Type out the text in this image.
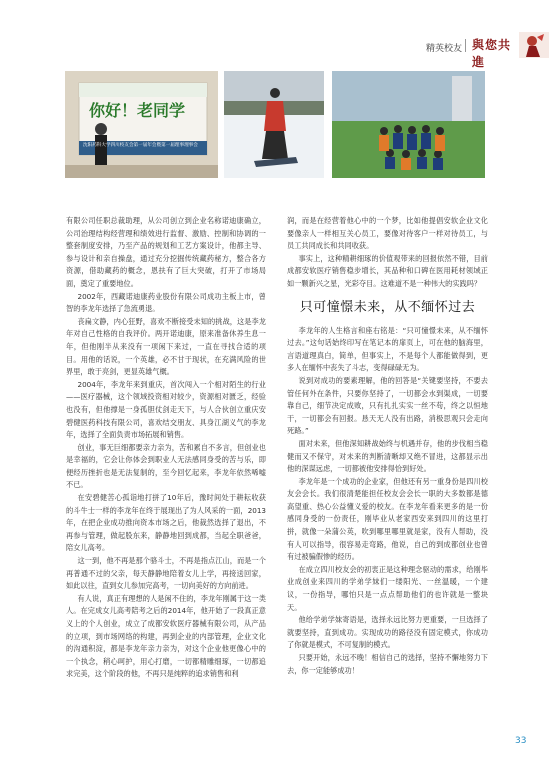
精英校友 與您共進
你好！老同学
沈阳药科大学四川校友会第一届年会暨第一届理事理事会

有限公司任职总裁助理，从公司创立到企业名称诺迪康确立，公司治理结构经营理和绩效进行监督、激励、控制和协调的一整套制度安排，乃至产品的规划和工艺方案设计，他都主导、参与设计和亲自操盘，通过充分挖掘传统藏药秘方，整合各方资源，借助藏药的概念，恩扶有了巨大突破，打开了市场局面，奠定了重要地位。

2002年，西藏诺迪康药业股份有限公司成功主板上市，曾智的李龙年选择了急流勇退。

丧扁文静，内心狂野，喜欢不断接受未知的挑战，这是李龙年对自己性格的自我评价。两开诺迪康，原来准备休养生息一年，但他刚半从来没有一项闲下来过，一直在寻找合适的项目。用他的话说，一个英雄，必不甘于现状，在充满风险的世界里，敢于亮剑，更显英雄气概。

2004年，李龙年来到重庆，首次闯入一个相对陌生的行业——医疗器械，这个领域投资相对较少，资源相对匮乏，经验也没有，但他撑是一身孤胆仗剑走天下，与人合伙创立重庆安碧健医药科技有限公司，喜欢结交朋友、具身江湖义气的李龙年，选择了全面负责市场拓展和销售。

创业，事无巨细都要亲力亲为，苦和累自不多言，但创业也是幸福的，它会让你体会到职业人无法感同身受的苦与乐，即便经历挫折也是无法复制的，至今回忆起来，李龙年依然唏嘘不已。

在安碧健苦心孤诣地打拼了10年后，豫时间处于耕耘收获的斗牛士一样的李龙年在终于展现出了为人风采的一面，2013年，在把企业成功推向资本市场之后，他裁然选择了退出，不再参与管理，做起股东来，静静地回到成都，当起全职爸爸，陪女儿高考。

这一到，他不再是那个骆斗士，不再是指点江山，而是一个再普通不过的父亲，每天静静地陪着女儿上学，再接送回家，如此以往，直到女儿参加完高考，一切向美好的方向前进。

有人说，真正有理想的人是闲不住的，李龙年刚属于这一类人。在完成女儿高考陪考之后的2014年，他开始了一段真正意义上的个人创业，成立了成都安软医疗器械有限公司，从产品的立项，到市场网络的构建，再到企业的内部管理，企业文化的沟通积淀，都是李龙年亲力亲为，对这个企业他更像心中的一个执念，稍心呵护，用心打磨，一切都精雕细琢，一切都追求完美，这个阶段的他，不再只是纯粹的追求销售和利

润，而是在经营着他心中的一个梦，比如他提倡安软企业文化要像亲人一样相互关心员工，要像对待客户一样对待员工，与员工共同成长和共同收获。

事实上，这种精耕细琢的价值观带来的回报依然不错，目前成都安软医疗销售稳步增长，其品种和口碑在医用耗材领域正如一颗新兴之星，光彩夺目。这难道不是一种伟大的实践吗？

只可憧憬未来，从不缅怀过去

李龙年的人生格言和座右铭是：“只可憧憬未来，从不缅怀过去。”这句话始终印写在笔记本的扉页上，可在他的脑海里，言语道理真白，简单，但事实上，不是每个人都能做得到，更多人在缅怀中丧失了斗志，变得碌碌无为。

说到对成功的要素理解，他的回答是“关键要坚持，不要去管任何外在条件，只要你坚持了，一切都会水到渠成，一切要靠自己，细节决定成败，只有扎扎实实一丝不苟，终之以恒地干，一切都会有回报。恳天无人没有出路，消极思观只会走向死路。”

面对未来，但他深知耕战始终与机遇并存，他的步伐相当稳健而又不保守，对未来的判断清晰却又绝不冒进，这都显示出他的深谋远虑，一切都被他安排得恰到好处。

李龙年是一个成功的企业家，但他还有另一重身份是四川校友会会长。我们很清楚能担任校友会会长一职的大多数都是德高望重、热心公益懂义爱的校友。在李龙年看来更多的是一份感同身受的一份责任，刚毕业从老家西安来到四川的这里打拼，就像一朵蒲公英，吹到哪里哪里就是家，没有人帮助，没有人可以指导，很容易走弯路，他说，自己的到成都创业也曾有过被骗假惨的经历。

在成立四川校友会的初衷正是这种理念驱动的需求，给刚毕业成创业来四川的学弟学妹们一缕阳光、一丝温暖，一个建议，一份指导，哪怕只是一点点帮助他们的也许就是一整块天。

他给学弟学妹寄语是，选择永远比努力更重要，一旦选择了就要坚持，直到成功。实现成功的路径没有固定模式，你成功了你就是模式，不可复制的模式。

只要开始，永远不晚！相信自己的选择，坚持不懈地努力下去，你一定能够成功！

33
